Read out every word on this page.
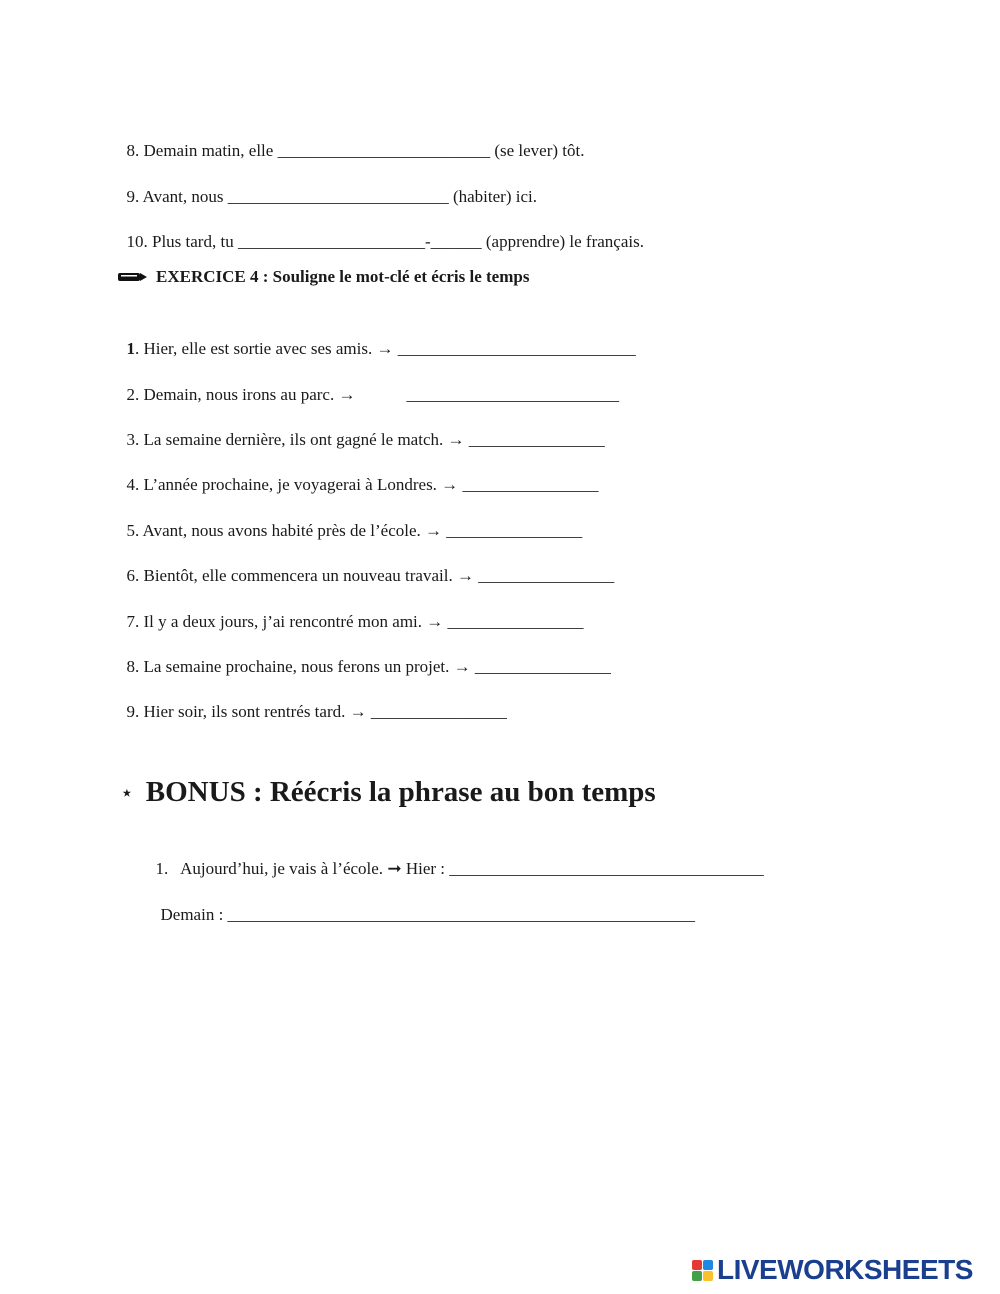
8. Demain matin, elle _________________________ (se lever) tôt.

9. Avant, nous __________________________ (habiter) ici.

10. Plus tard, tu ______________________-______ (apprendre) le français.

EXERCICE 4 : Souligne le mot-clé et écris le temps

1. Hier, elle est sortie avec ses amis. → ____________________________

2. Demain, nous irons au parc. →            _________________________

3. La semaine dernière, ils ont gagné le match. → ________________

4. L’année prochaine, je voyagerai à Londres. → ________________

5. Avant, nous avons habité près de l’école. → ________________

6. Bientôt, elle commencera un nouveau travail. → ________________

7. Il y a deux jours, j’ai rencontré mon ami. → ________________

8. La semaine prochaine, nous ferons un projet. → ________________

9. Hier soir, ils sont rentrés tard. → ________________

⋆ BONUS : Réécris la phrase au bon temps

1. Aujourd’hui, je vais à l’école. ➞ Hier : _____________________________________

Demain : _______________________________________________________

LIVEWORKSHEETS
